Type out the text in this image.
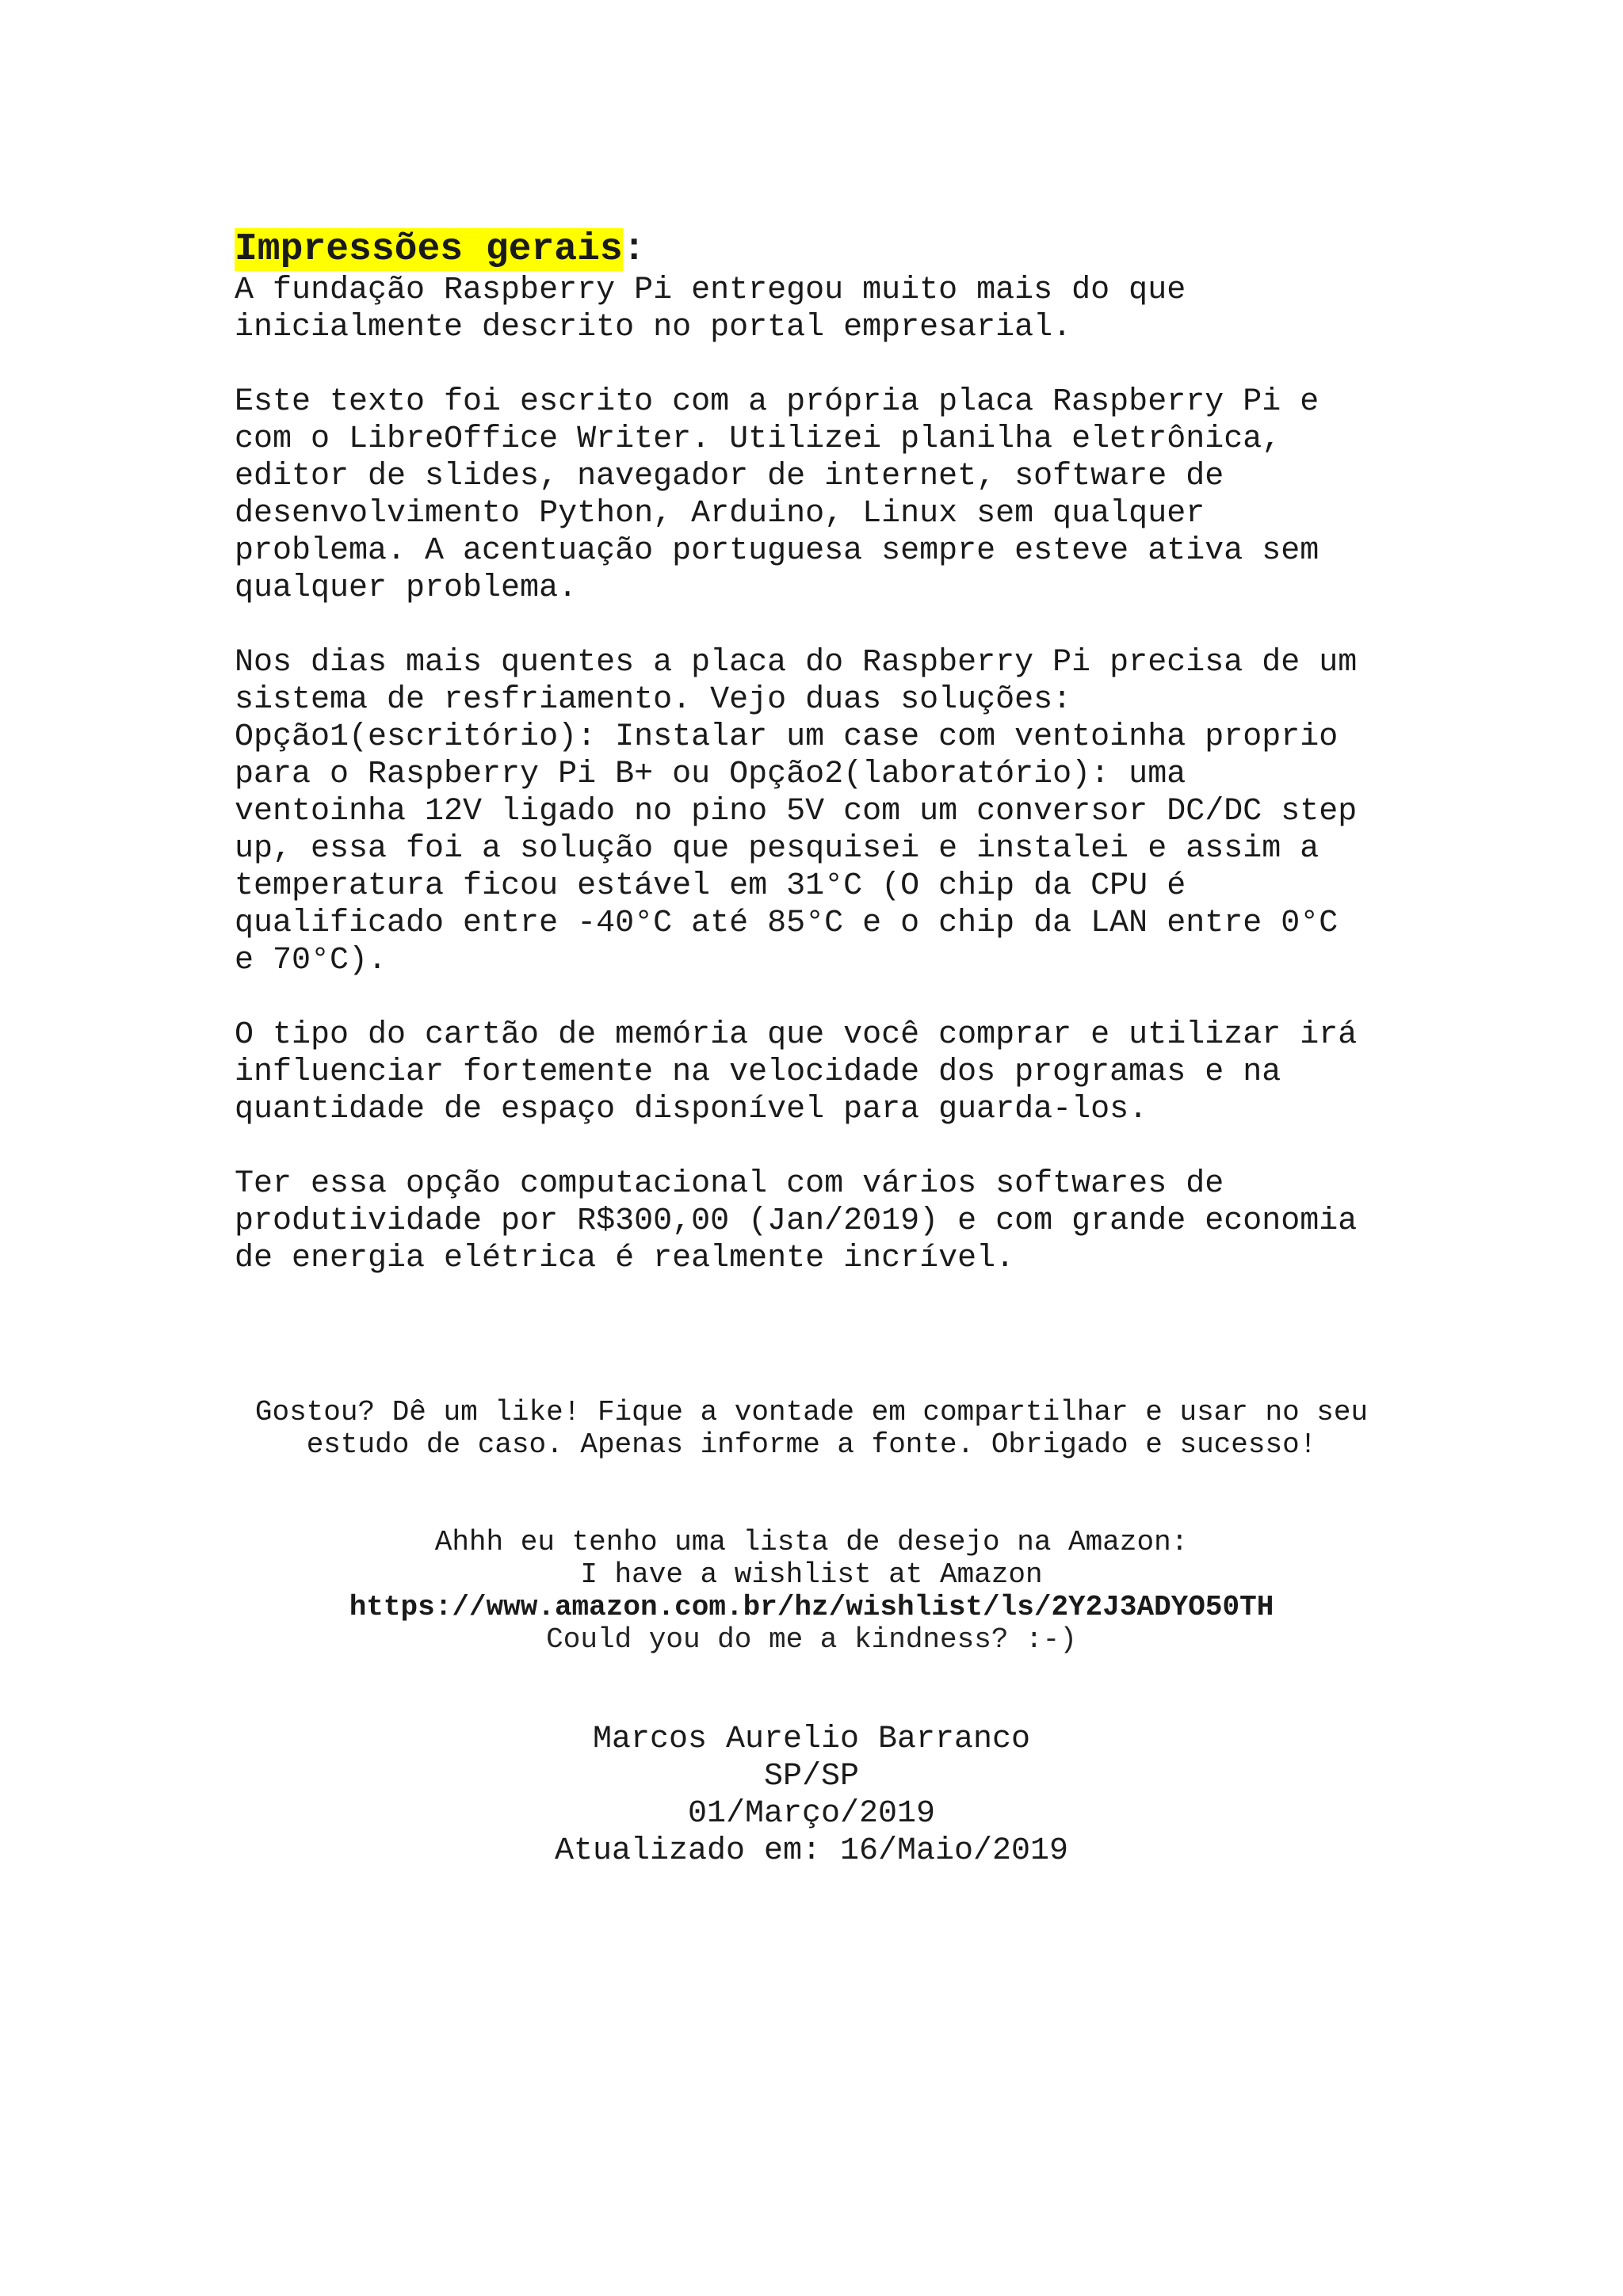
Impressões gerais:

A fundação Raspberry Pi entregou muito mais do que
inicialmente descrito no portal empresarial.
Este texto foi escrito com a própria placa Raspberry Pi e
com o LibreOffice Writer. Utilizei planilha eletrônica,
editor de slides, navegador de internet, software de
desenvolvimento Python, Arduino, Linux sem qualquer
problema. A acentuação portuguesa sempre esteve ativa sem
qualquer problema.
Nos dias mais quentes a placa do Raspberry Pi precisa de um
sistema de resfriamento. Vejo duas soluções:
Opção1(escritório): Instalar um case com ventoinha proprio
para o Raspberry Pi B+ ou Opção2(laboratório): uma
ventoinha 12V ligado no pino 5V com um conversor DC/DC step
up, essa foi a solução que pesquisei e instalei e assim a
temperatura ficou estável em 31°C (O chip da CPU é
qualificado entre -40°C até 85°C e o chip da LAN entre 0°C
e 70°C).
O tipo do cartão de memória que você comprar e utilizar irá
influenciar fortemente na velocidade dos programas e na
quantidade de espaço disponível para guarda-los.
Ter essa opção computacional com vários softwares de
produtividade por R$300,00 (Jan/2019) e com grande economia
de energia elétrica é realmente incrível.
Gostou? Dê um like! Fique a vontade em compartilhar e usar no seu
estudo de caso. Apenas informe a fonte. Obrigado e sucesso!
Ahhh eu tenho uma lista de desejo na Amazon:
I have a wishlist at Amazon
https://www.amazon.com.br/hz/wishlist/ls/2Y2J3ADYO50TH
Could you do me a kindness? :-)
Marcos Aurelio Barranco
SP/SP
01/Março/2019
Atualizado em: 16/Maio/2019
